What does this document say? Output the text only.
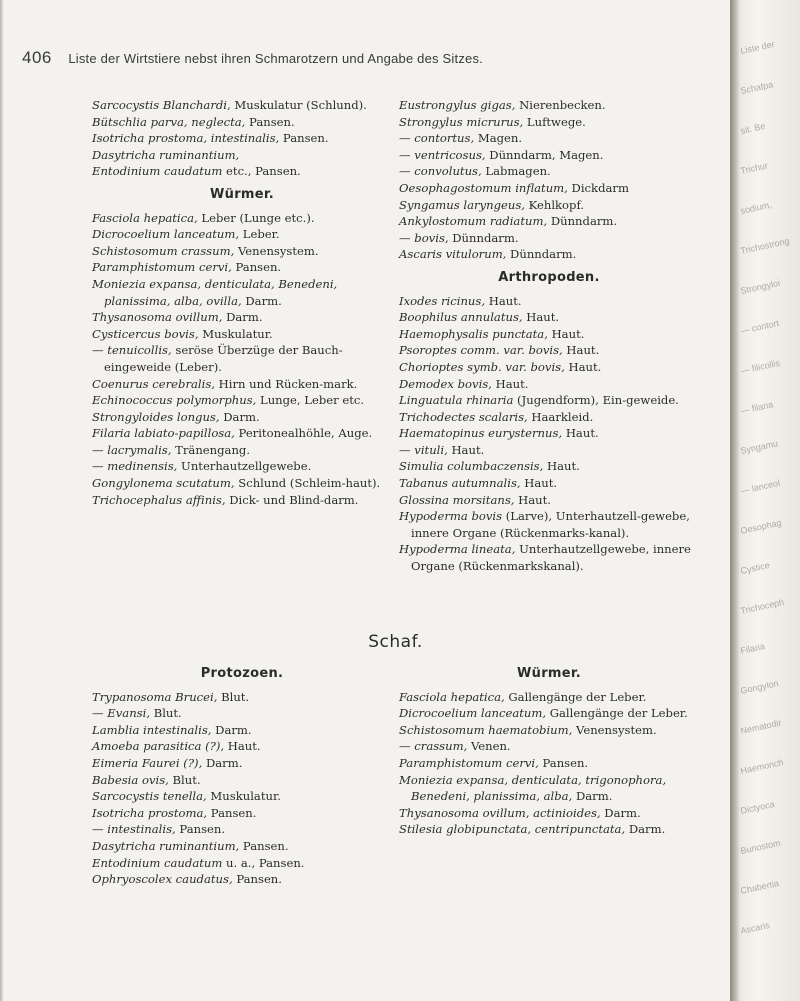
406 Liste der Wirtstiere nebst ihren Schmarotzern und Angabe des Sitzes.

Sarcocystis Blanchardi, Muskulatur (Schlund).

Bütschlia parva, neglecta, Pansen.

Isotricha prostoma, intestinalis, Pansen.

Dasytricha ruminantium,

Entodinium caudatum etc., Pansen.

Würmer.

Fasciola hepatica, Leber (Lunge etc.).

Dicrocoelium lanceatum, Leber.

Schistosomum crassum, Venensystem.

Paramphistomum cervi, Pansen.

Moniezia expansa, denticulata, Benedeni, planissima, alba, ovilla, Darm.

Thysanosoma ovillum, Darm.

Cysticercus bovis, Muskulatur.

— tenuicollis, seröse Überzüge der Bauch-eingeweide (Leber).

Coenurus cerebralis, Hirn und Rücken-mark.

Echinococcus polymorphus, Lunge, Leber etc.

Strongyloides longus, Darm.

Filaria labiato-papillosa, Peritonealhöhle, Auge.

— lacrymalis, Tränengang.

— medinensis, Unterhautzellgewebe.

Gongylonema scutatum, Schlund (Schleim-haut).

Trichocephalus affinis, Dick- und Blind-darm.

Eustrongylus gigas, Nierenbecken.

Strongylus micrurus, Luftwege.

— contortus, Magen.

— ventricosus, Dünndarm, Magen.

— convolutus, Labmagen.

Oesophagostomum inflatum, Dickdarm

Syngamus laryngeus, Kehlkopf.

Ankylostomum radiatum, Dünndarm.

— bovis, Dünndarm.

Ascaris vitulorum, Dünndarm.

Arthropoden.

Ixodes ricinus, Haut.

Boophilus annulatus, Haut.

Haemophysalis punctata, Haut.

Psoroptes comm. var. bovis, Haut.

Chorioptes symb. var. bovis, Haut.

Demodex bovis, Haut.

Linguatula rhinaria (Jugendform), Ein-geweide.

Trichodectes scalaris, Haarkleid.

Haematopinus eurysternus, Haut.

— vituli, Haut.

Simulia columbaczensis, Haut.

Tabanus autumnalis, Haut.

Glossina morsitans, Haut.

Hypoderma bovis (Larve), Unterhautzell-gewebe, innere Organe (Rückenmarks-kanal).

Hypoderma lineata, Unterhautzellgewebe, innere Organe (Rückenmarkskanal).

Schaf.
Protozoen.

Trypanosoma Brucei, Blut.

— Evansi, Blut.

Lamblia intestinalis, Darm.

Amoeba parasitica (?), Haut.

Eimeria Faurei (?), Darm.

Babesia ovis, Blut.

Sarcocystis tenella, Muskulatur.

Isotricha prostoma, Pansen.

— intestinalis, Pansen.

Dasytricha ruminantium, Pansen.

Entodinium caudatum u. a., Pansen.

Ophryoscolex caudatus, Pansen.

Würmer.

Fasciola hepatica, Gallengänge der Leber.

Dicrocoelium lanceatum, Gallengänge der Leber.

Schistosomum haematobium, Venensystem.

— crassum, Venen.

Paramphistomum cervi, Pansen.

Moniezia expansa, denticulata, trigonophora, Benedeni, planissima, alba, Darm.

Thysanosoma ovillum, actinioides, Darm.

Stilesia globipunctata, centripunctata, Darm.

Liste der
Schafpa
sit. Be
Trichur
sodium,
Trichostrong
Strongyloi
— contort
— filicollis
— filaria
Syngamu
— lanceol
Oesophag
Cystice
Trichoceph
Filaria
Gongylon
Nematodir
Haemonch
Dictyoca
Bunostom
Chabertia
Ascaris
